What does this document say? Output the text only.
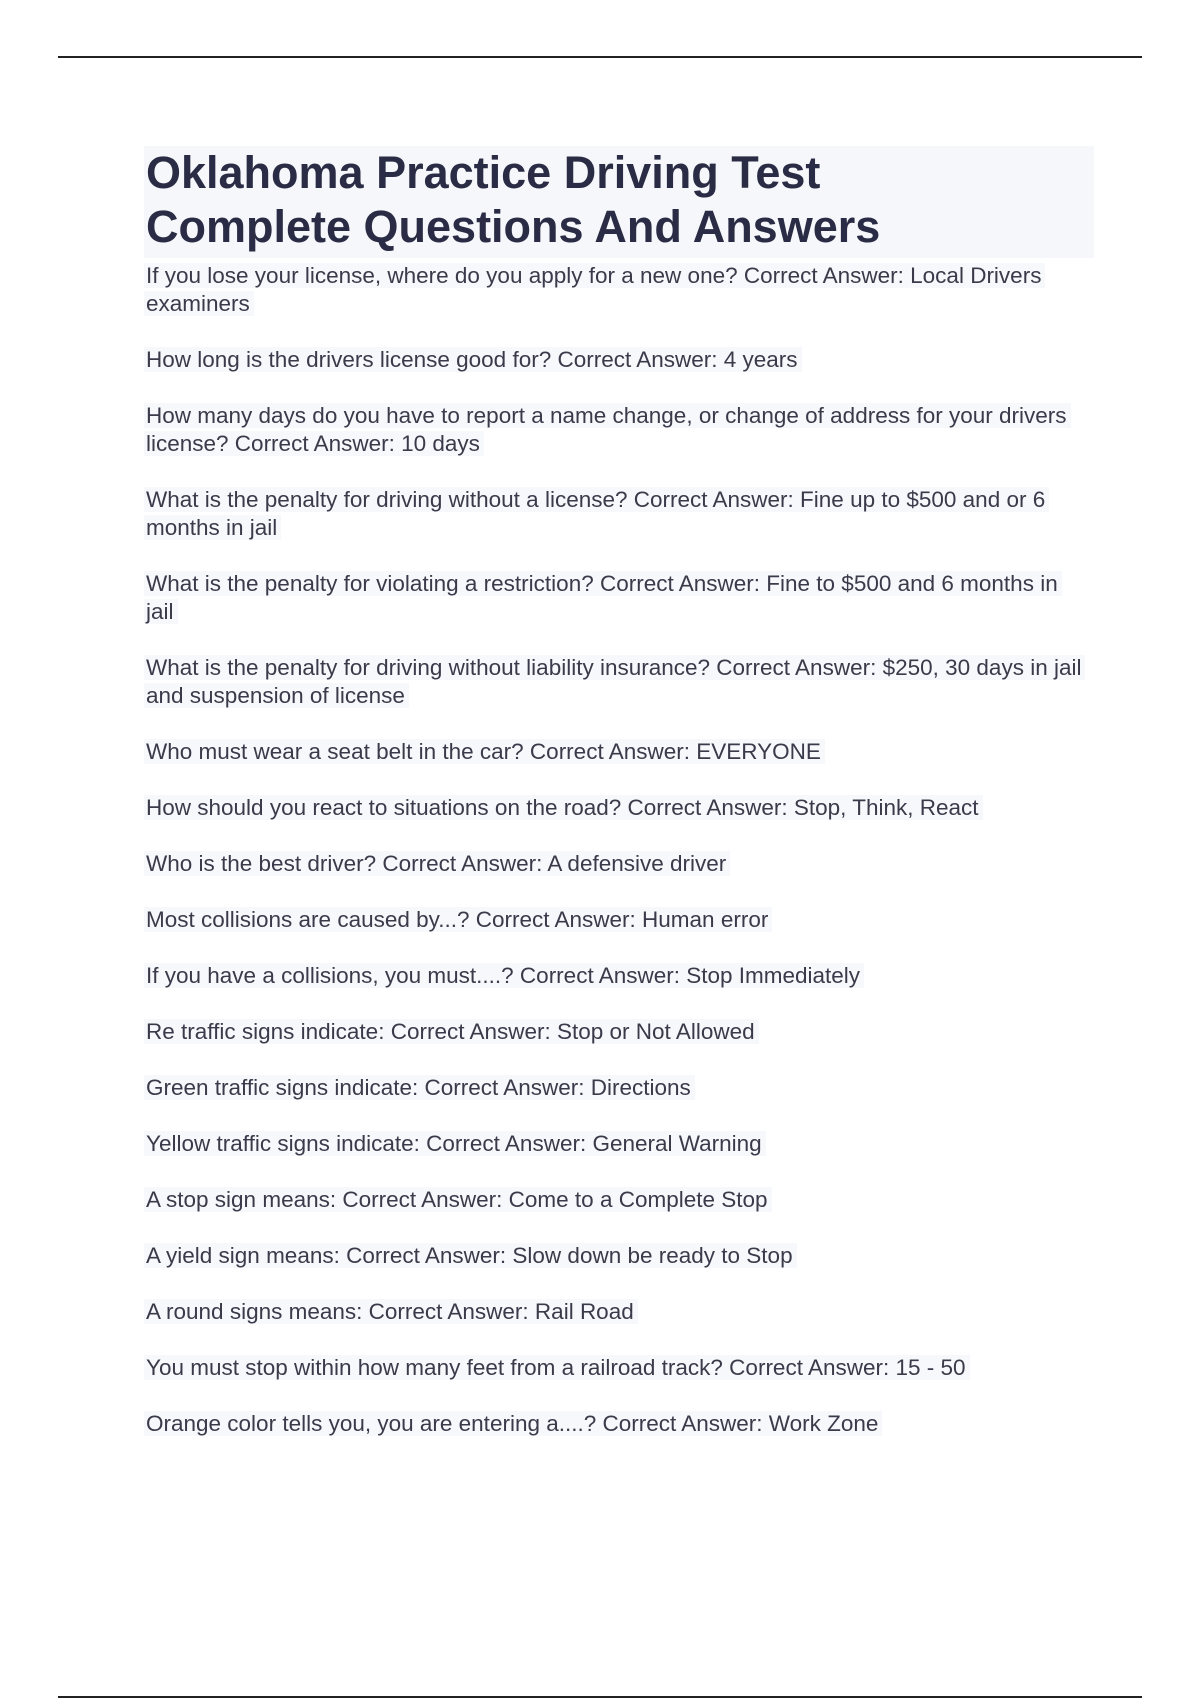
Oklahoma Practice Driving Test
Complete Questions And Answers
If you lose your license, where do you apply for a new one? Correct Answer: Local Drivers examiners
How long is the drivers license good for? Correct Answer: 4 years
How many days do you have to report a name change, or change of address for your drivers license? Correct Answer: 10 days
What is the penalty for driving without a license? Correct Answer: Fine up to $500 and or 6 months in jail
What is the penalty for violating a restriction? Correct Answer: Fine to $500 and 6 months in jail
What is the penalty for driving without liability insurance? Correct Answer: $250, 30 days in jail and suspension of license
Who must wear a seat belt in the car? Correct Answer: EVERYONE
How should you react to situations on the road? Correct Answer: Stop, Think, React
Who is the best driver? Correct Answer: A defensive driver
Most collisions are caused by...? Correct Answer: Human error
If you have a collisions, you must....? Correct Answer: Stop Immediately
Re traffic signs indicate: Correct Answer: Stop or Not Allowed
Green traffic signs indicate: Correct Answer: Directions
Yellow traffic signs indicate: Correct Answer: General Warning
A stop sign means: Correct Answer: Come to a Complete Stop
A yield sign means: Correct Answer: Slow down be ready to Stop
A round signs means: Correct Answer: Rail Road
You must stop within how many feet from a railroad track? Correct Answer: 15 - 50
Orange color tells you, you are entering a....? Correct Answer: Work Zone
